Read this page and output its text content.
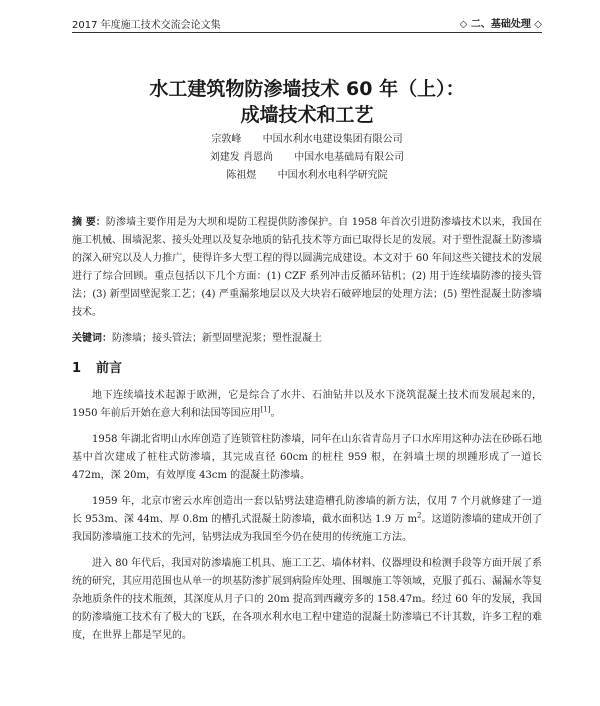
2017 年度施工技术交流会论文集	◇ 二、基础处理 ◇
水工建筑物防渗墙技术 60 年（上）：
成墙技术和工艺
宗敦峰 中国水利水电建设集团有限公司
刘建发 肖恩尚 中国水电基础局有限公司
陈祖煜 中国水利水电科学研究院
摘 要：防渗墙主要作用是为大坝和堤防工程提供防渗保护。自 1958 年首次引进防渗墙技术以来，我国在施工机械、围墙泥浆、接头处理以及复杂地质的钻孔技术等方面已取得长足的发展。对于塑性混凝土防渗墙的深入研究以及人力推广，使得许多大型工程的得以圆满完成建设。本文对于 60 年间这些关键技术的发展进行了综合回顾。重点包括以下几个方面：(1) CZF 系列冲击反循环钻机；(2) 用于连续墙防渗的接头管法；(3) 新型固壁泥浆工艺；(4) 严重漏浆地层以及大块岩石破碎地层的处理方法；(5) 塑性混凝土防渗墙技术。
关键词：防渗墙；接头管法；新型固壁泥浆；塑性混凝土
1 前言

地下连续墙技术起源于欧洲，它是综合了水井、石油钻井以及水下浇筑混凝土技术而发展起来的，1950 年前后开始在意大利和法国等国应用[1]。

1958 年湖北省明山水库创造了连锁管柱防渗墙，同年在山东省青岛月子口水库用这种办法在砂砾石地基中首次建成了桩柱式防渗墙，其完成直径 60cm 的桩柱 959 根，在斜墙土坝的坝踵形成了一道长 472m，深 20m，有效厚度 43cm 的混凝土防渗墙。

1959 年，北京市密云水库创造出一套以钻劈法建造槽孔防渗墙的新方法，仅用 7 个月就修建了一道长 953m、深 44m、厚 0.8m 的槽孔式混凝土防渗墙，截水面积达 1.9 万 $m^2$。这道防渗墙的建成开创了我国防渗墙施工技术的先河，钻劈法成为我国至今仍在使用的传统施工方法。

进入 80 年代后，我国对防渗墙施工机具、施工工艺、墙体材料、仪器埋设和检测手段等方面开展了系统的研究，其应用范围也从单一的坝基防渗扩展到病险库处理、围堰施工等领域，克服了孤石、漏漏水等复杂地质条件的技术瓶颈，其深度从月子口的 20m 提高到西藏旁多的 158.47m。经过 60 年的发展，我国的防渗墙施工技术有了极大的飞跃，在各项水利水电工程中建造的混凝土防渗墙已不计其数，许多工程的难度，在世界上都是罕见的。
